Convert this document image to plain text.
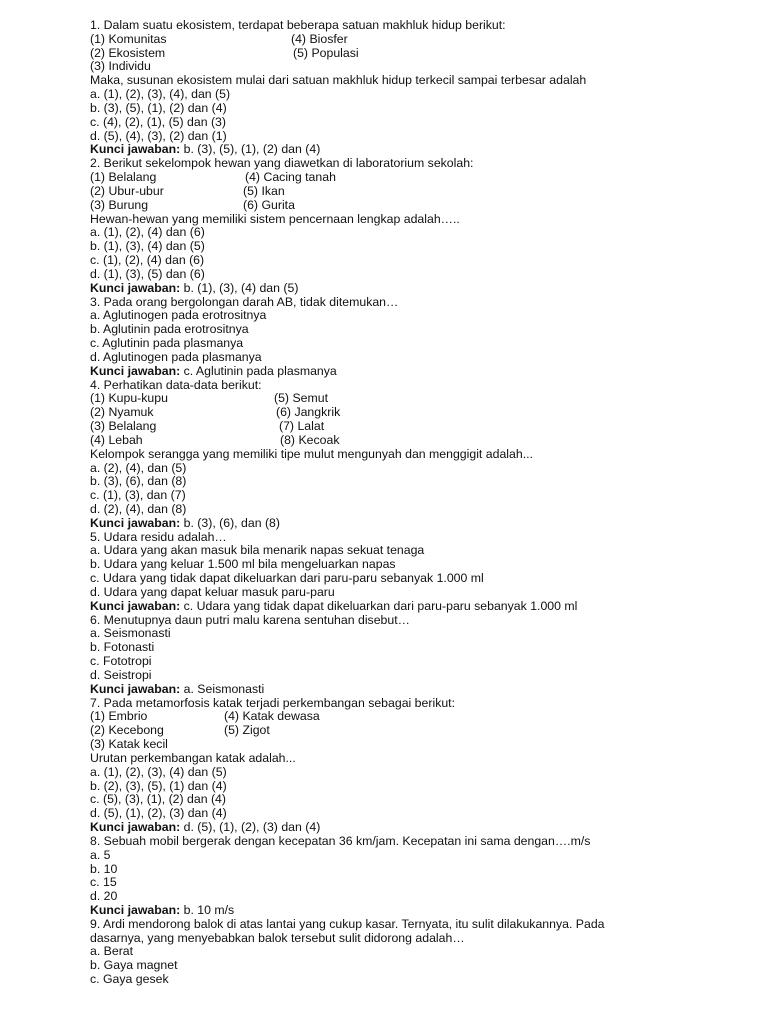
1. Dalam suatu ekosistem, terdapat beberapa satuan makhluk hidup berikut:
(1) Komunitas	(4) Biosfer
(2) Ekosistem	(5) Populasi
(3) Individu
Maka, susunan ekosistem mulai dari satuan makhluk hidup terkecil sampai terbesar adalah
a. (1), (2), (3), (4), dan (5)
b. (3), (5), (1), (2) dan (4)
c. (4), (2), (1), (5) dan (3)
d. (5), (4), (3), (2) dan (1)
Kunci jawaban: b. (3), (5), (1), (2) dan (4)
2. Berikut sekelompok hewan yang diawetkan di laboratorium sekolah:
(1) Belalang	(4) Cacing tanah
(2) Ubur-ubur	(5) Ikan
(3) Burung	(6) Gurita
Hewan-hewan yang memiliki sistem pencernaan lengkap adalah…..
a. (1), (2), (4) dan (6)
b. (1), (3), (4) dan (5)
c. (1), (2), (4) dan (6)
d. (1), (3), (5) dan (6)
Kunci jawaban: b. (1), (3), (4) dan (5)
3. Pada orang bergolongan darah AB, tidak ditemukan…
a. Aglutinogen pada erotrositnya
b. Aglutinin pada erotrositnya
c. Aglutinin pada plasmanya
d. Aglutinogen pada plasmanya
Kunci jawaban: c. Aglutinin pada plasmanya
4. Perhatikan data-data berikut:
(1) Kupu-kupu	(5) Semut
(2) Nyamuk	(6) Jangkrik
(3) Belalang	(7) Lalat
(4) Lebah	(8) Kecoak
Kelompok serangga yang memiliki tipe mulut mengunyah dan menggigit adalah...
a. (2), (4), dan (5)
b. (3), (6), dan (8)
c. (1), (3), dan (7)
d. (2), (4), dan (8)
Kunci jawaban: b. (3), (6), dan (8)
5. Udara residu adalah…
a. Udara yang akan masuk bila menarik napas sekuat tenaga
b. Udara yang keluar 1.500 ml bila mengeluarkan napas
c. Udara yang tidak dapat dikeluarkan dari paru-paru sebanyak 1.000 ml
d. Udara yang dapat keluar masuk paru-paru
Kunci jawaban: c. Udara yang tidak dapat dikeluarkan dari paru-paru sebanyak 1.000 ml
6. Menutupnya daun putri malu karena sentuhan disebut…
a. Seismonasti
b. Fotonasti
c. Fototropi
d. Seistropi
Kunci jawaban: a. Seismonasti
7. Pada metamorfosis katak terjadi perkembangan sebagai berikut:
(1) Embrio	(4) Katak dewasa
(2) Kecebong	(5) Zigot
(3) Katak kecil
Urutan perkembangan katak adalah...
a. (1), (2), (3), (4) dan (5)
b. (2), (3), (5), (1) dan (4)
c. (5), (3), (1), (2) dan (4)
d. (5), (1), (2), (3) dan (4)
Kunci jawaban: d. (5), (1), (2), (3) dan (4)
8. Sebuah mobil bergerak dengan kecepatan 36 km/jam. Kecepatan ini sama dengan….m/s
a. 5
b. 10
c. 15
d. 20
Kunci jawaban: b. 10 m/s
9. Ardi mendorong balok di atas lantai yang cukup kasar. Ternyata, itu sulit dilakukannya. Pada
dasarnya, yang menyebabkan balok tersebut sulit didorong adalah…
a. Berat
b. Gaya magnet
c. Gaya gesek
